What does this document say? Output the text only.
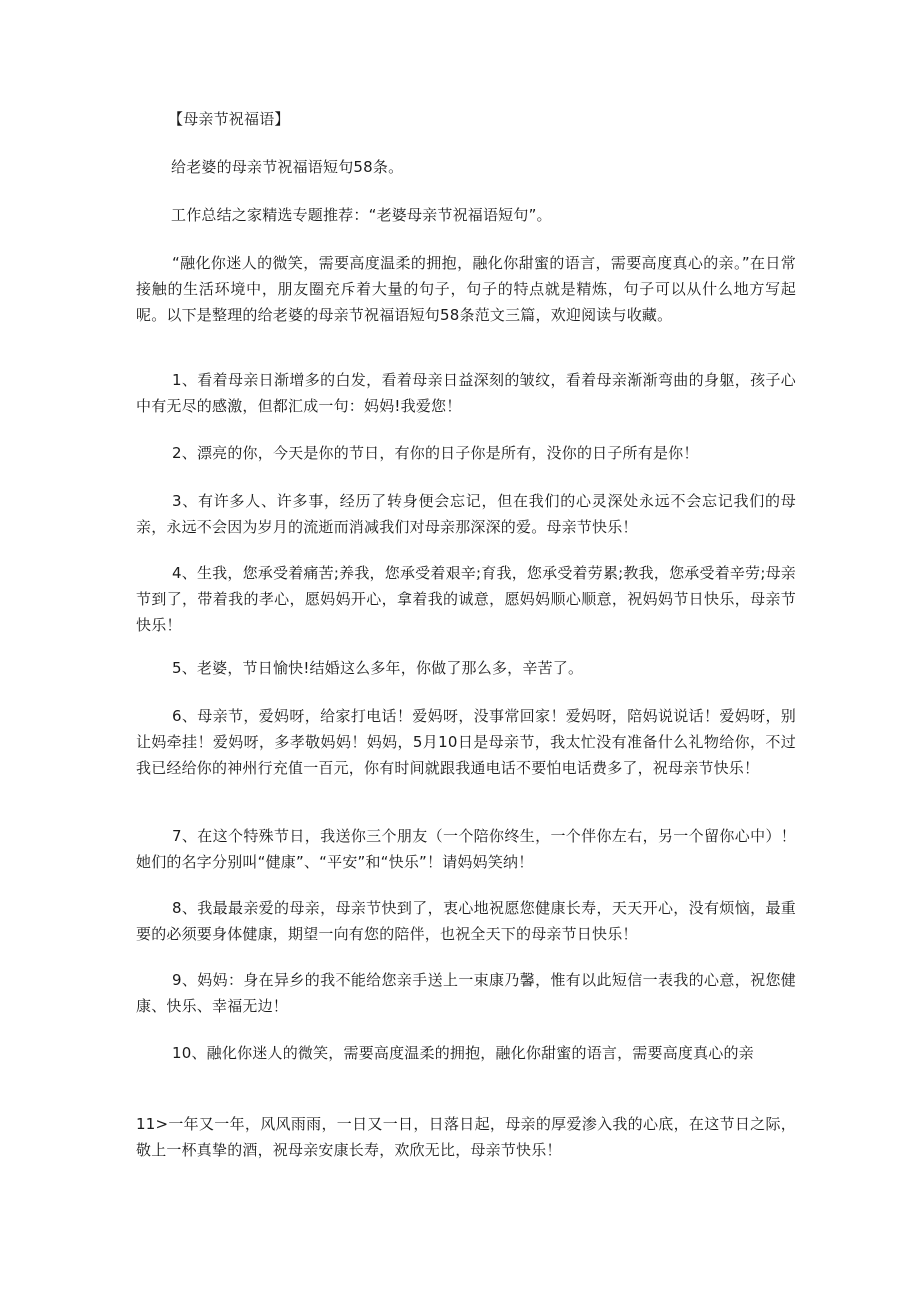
【母亲节祝福语】

给老婆的母亲节祝福语短句58条。

工作总结之家精选专题推荐：“老婆母亲节祝福语短句”。

“融化你迷人的微笑，需要高度温柔的拥抱，融化你甜蜜的语言，需要高度真心的亲。”在日常接触的生活环境中，朋友圈充斥着大量的句子，句子的特点就是精炼，句子可以从什么地方写起呢。以下是整理的给老婆的母亲节祝福语短句58条范文三篇，欢迎阅读与收藏。

1、看着母亲日渐增多的白发，看着母亲日益深刻的皱纹，看着母亲渐渐弯曲的身躯，孩子心中有无尽的感激，但都汇成一句：妈妈!我爱您！

2、漂亮的你，今天是你的节日，有你的日子你是所有，没你的日子所有是你！

3、有许多人、许多事，经历了转身便会忘记，但在我们的心灵深处永远不会忘记我们的母亲，永远不会因为岁月的流逝而消减我们对母亲那深深的爱。母亲节快乐！

4、生我，您承受着痛苦;养我，您承受着艰辛;育我，您承受着劳累;教我，您承受着辛劳;母亲节到了，带着我的孝心，愿妈妈开心，拿着我的诚意，愿妈妈顺心顺意，祝妈妈节日快乐，母亲节快乐！

5、老婆，节日愉快!结婚这么多年，你做了那么多，辛苦了。

6、母亲节，爱妈呀，给家打电话！爱妈呀，没事常回家！爱妈呀，陪妈说说话！爱妈呀，别让妈牵挂！爱妈呀，多孝敬妈妈！妈妈，5月10日是母亲节，我太忙没有准备什么礼物给你，不过我已经给你的神州行充值一百元，你有时间就跟我通电话不要怕电话费多了，祝母亲节快乐！

7、在这个特殊节日，我送你三个朋友（一个陪你终生，一个伴你左右，另一个留你心中）！她们的名字分别叫“健康”、“平安”和“快乐”！请妈妈笑纳！

8、我最最亲爱的母亲，母亲节快到了，衷心地祝愿您健康长寿，天天开心，没有烦恼，最重要的必须要身体健康，期望一向有您的陪伴，也祝全天下的母亲节日快乐！

9、妈妈：身在异乡的我不能给您亲手送上一束康乃馨，惟有以此短信一表我的心意，祝您健康、快乐、幸福无边！

10、融化你迷人的微笑，需要高度温柔的拥抱，融化你甜蜜的语言，需要高度真心的亲

11>一年又一年，风风雨雨，一日又一日，日落日起，母亲的厚爱渗入我的心底，在这节日之际，敬上一杯真挚的酒，祝母亲安康长寿，欢欣无比，母亲节快乐！
